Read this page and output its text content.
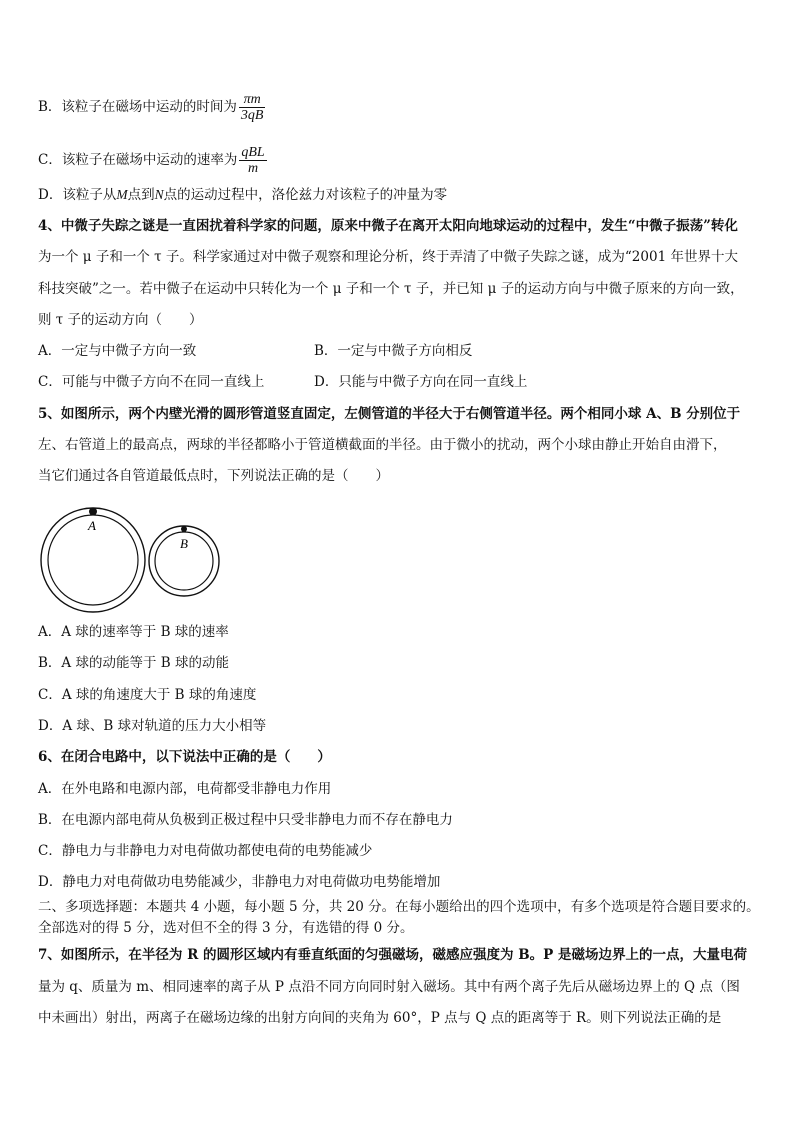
B．该粒子在磁场中运动的时间为 $\frac{\pi m}{3qB}$
C．该粒子在磁场中运动的速率为 $\frac{\text{qBL}}{m}$
D．该粒子从M点到N点的运动过程中，洛伦兹力对该粒子的冲量为零
4、中微子失踪之谜是一直困扰着科学家的问题，原来中微子在离开太阳向地球运动的过程中，发生“中微子振荡”转化
为一个 μ 子和一个 τ 子。科学家通过对中微子观察和理论分析，终于弄清了中微子失踪之谜，成为“2001 年世界十大
科技突破”之一。若中微子在运动中只转化为一个 μ 子和一个 τ 子，并已知 μ 子的运动方向与中微子原来的方向一致，
则 τ 子的运动方向（　　）
A．一定与中微子方向一致	B．一定与中微子方向相反
C．可能与中微子方向不在同一直线上	D．只能与中微子方向在同一直线上
5、如图所示，两个内壁光滑的圆形管道竖直固定，左侧管道的半径大于右侧管道半径。两个相同小球 A、B 分别位于
左、右管道上的最高点，两球的半径都略小于管道横截面的半径。由于微小的扰动，两个小球由静止开始自由滑下，
当它们通过各自管道最低点时，下列说法正确的是（　　）
A
B
A．A 球的速率等于 B 球的速率
B．A 球的动能等于 B 球的动能
C．A 球的角速度大于 B 球的角速度
D．A 球、B 球对轨道的压力大小相等
6、在闭合电路中，以下说法中正确的是（　　）
A．在外电路和电源内部，电荷都受非静电力作用
B．在电源内部电荷从负极到正极过程中只受非静电力而不存在静电力
C．静电力与非静电力对电荷做功都使电荷的电势能减少
D．静电力对电荷做功电势能减少，非静电力对电荷做功电势能增加
二、多项选择题：本题共 4 小题，每小题 5 分，共 20 分。在每小题给出的四个选项中，有多个选项是符合题目要求的。
全部选对的得 5 分，选对但不全的得 3 分，有选错的得 0 分。
7、如图所示，在半径为 R 的圆形区域内有垂直纸面的匀强磁场，磁感应强度为 B。P 是磁场边界上的一点，大量电荷
量为 q、质量为 m、相同速率的离子从 P 点沿不同方向同时射入磁场。其中有两个离子先后从磁场边界上的 Q 点（图
中未画出）射出，两离子在磁场边缘的出射方向间的夹角为 60°，P 点与 Q 点的距离等于 R。则下列说法正确的是
